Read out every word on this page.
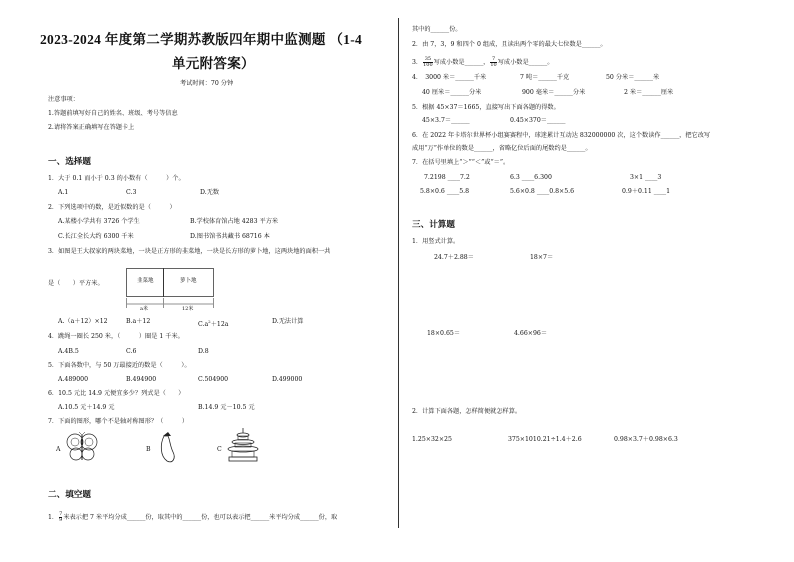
2023-2024 年度第二学期苏教版四年期中监测题 （1-4
单元附答案）
考试时间：70 分钟
注意事项：
1.答题前填写好自己的姓名、班级、考号等信息
2.请将答案正确填写在答题卡上
一、选择题
1．大于 0.1 而小于 0.3 的小数有（　　　）个。
A.1	C.3	D.无数
2．下列选项中的数，是近似数的是（　　　）
A.某楼小学共有 3726 个学生	B.学校体育馆占地 4283 平方米
C.长江全长大约 6300 千米	D.图书馆书共藏书 68716 本
3．如图是王大叔家的两块菜地，一块是正方形的韭菜地，一块是长方形的萝卜地，这两块地的面积一共
是（　　）平方米。	韭菜地	萝卜地
a米	12米
A.（a＋12）×12	B.a＋12	$C.a^2+12a$	D.无法计算
4．跳绳一圈长 250 米，（　　　）圈是 1 千米。
A.4B.5	C.6	D.8
5．下面各数中，与 50 万最接近的数是（　　　）。
A.489000	B.494900	C.504900	D.499000
6．10.5 元比 14.9 元便宜多少？列式是（　　）
A.10.5 元＋14.9 元	B.14.9 元－10.5 元
7．下面的图形，哪个不是轴对称图形？（　　　）
A	B	C
二、填空题
1． $\frac{7}{9}$ 米表示把 7 米平均分成______份，取其中的______份，也可以表示把______米平均分成______份，取
其中的______份。
2．由 7，3，9 和四个 0 组成，且读出两个零的最大七位数是______。
3． $\frac{35}{100}$ 写成小数是______， $\frac{7}{10}$ 写成小数是______。
4．　3000 米＝______千米	7 吨＝______千克	50 分米＝______米
40 厘米＝______分米	900 毫米＝______分米	2 米＝______厘米
5．根据 45×37＝1665，直接写出下面各题的得数。
45×3.7＝______	0.45×370＝______
6．在 2022 年卡塔尔世界杯小组赛赛程中，球迷累计互动达 832000000 次，这个数读作______，把它改写
成用“万”作单位的数是______，省略亿位后面的尾数约是______。
7．在括号里填上“＞”“＜”或“＝”。
7.2198 ____7.2	6.3 ____6.300	3×1 ____3
5.8×0.6 ____5.8	5.6×0.8 ____0.8×5.6	0.9＋0.11 ____1
三、计算题
1．用竖式计算。
24.7＋2.88＝	18×7＝
18×0.65＝	4.66×96＝
2．计算下面各题，怎样简便就怎样算。
1.25×32×25	375×1010.21÷1.4＋2.6	0.98×3.7＋0.98×6.3
